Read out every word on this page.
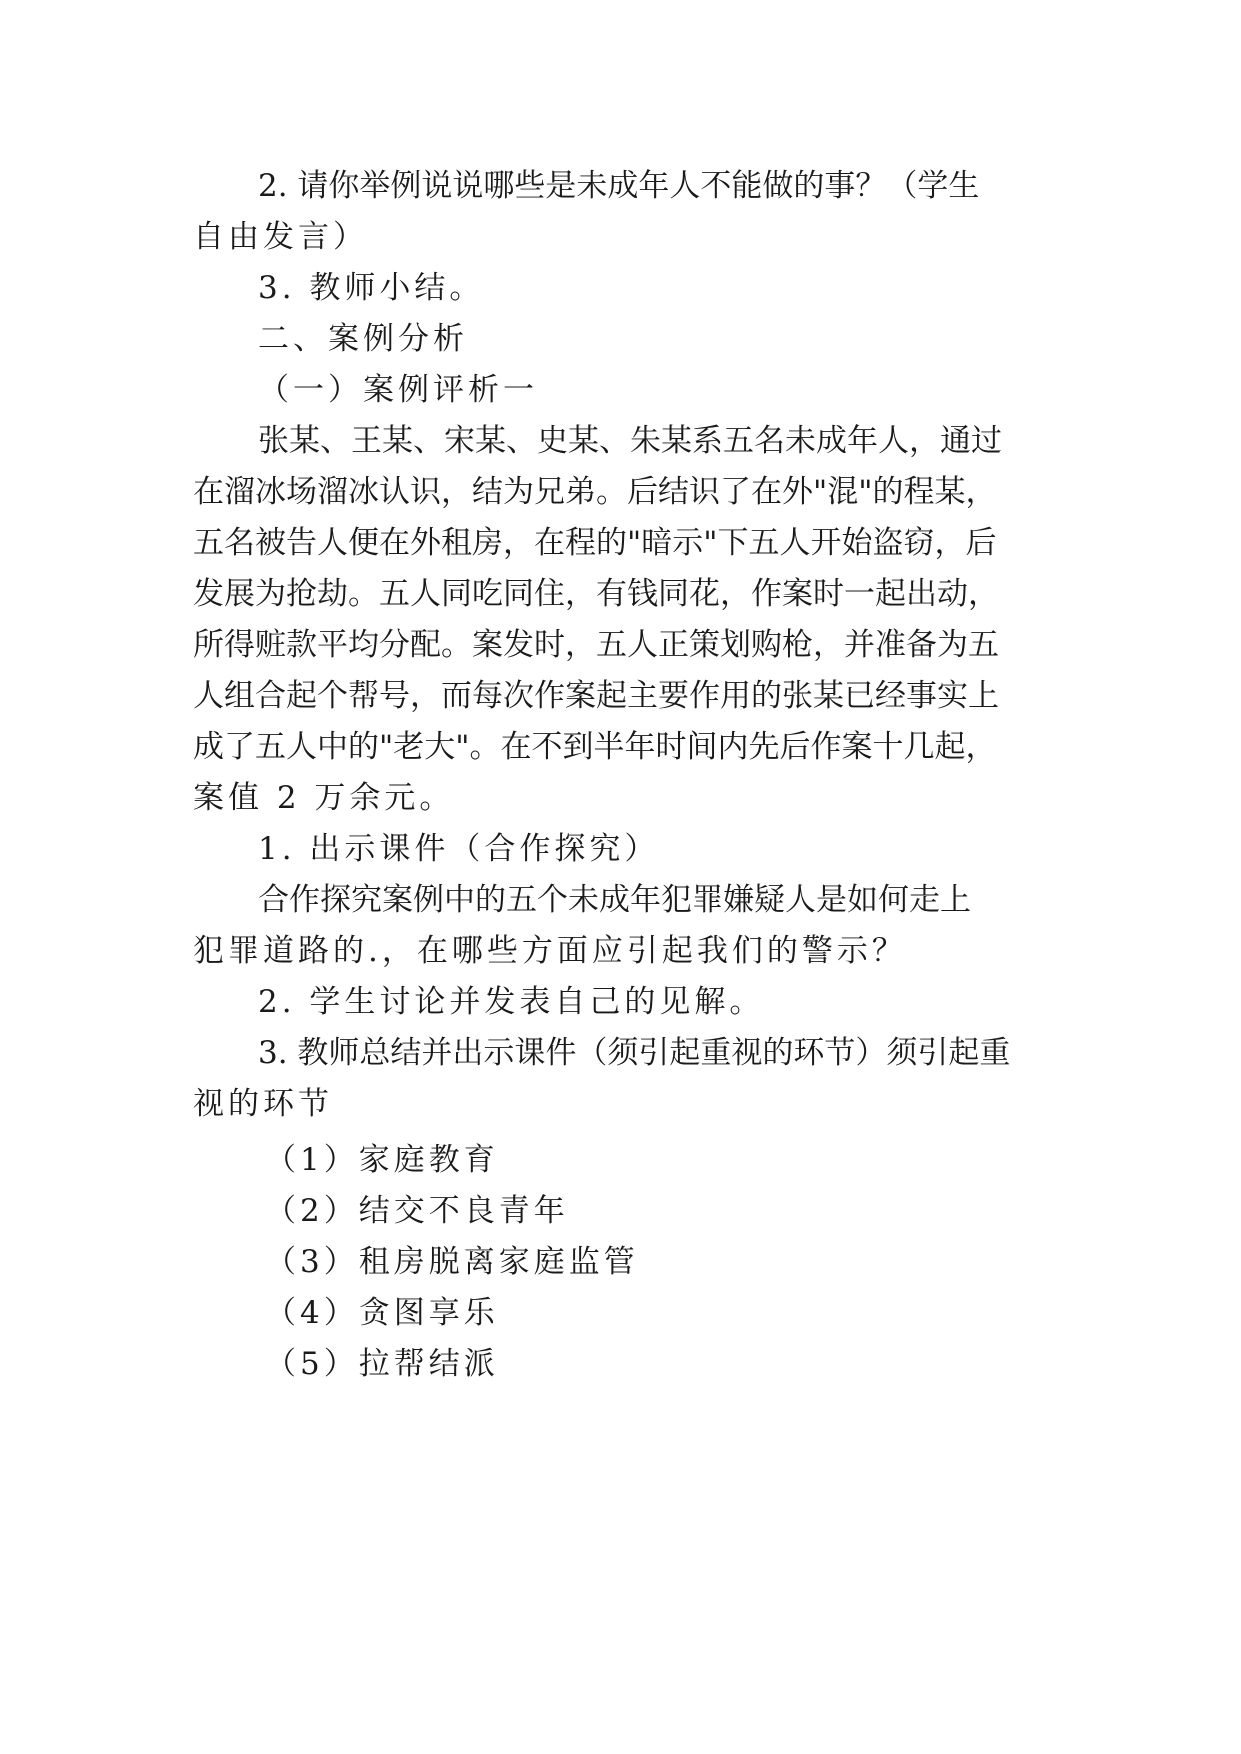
2. 请你举例说说哪些是未成年人不能做的事？（学生
自由发言）
3. 教师小结。
二、案例分析
（一）案例评析一
张某、王某、宋某、史某、朱某系五名未成年人，通过
在溜冰场溜冰认识，结为兄弟。后结识了在外"混"的程某，
五名被告人便在外租房，在程的"暗示"下五人开始盗窃，后
发展为抢劫。五人同吃同住，有钱同花，作案时一起出动，
所得赃款平均分配。案发时，五人正策划购枪，并准备为五
人组合起个帮号，而每次作案起主要作用的张某已经事实上
成了五人中的"老大"。在不到半年时间内先后作案十几起，
案值 2 万余元。
1. 出示课件（合作探究）
合作探究案例中的五个未成年犯罪嫌疑人是如何走上
犯罪道路的.，在哪些方面应引起我们的警示？
2. 学生讨论并发表自己的见解。
3. 教师总结并出示课件（须引起重视的环节）须引起重
视的环节
（1）家庭教育
（2）结交不良青年
（3）租房脱离家庭监管
（4）贪图享乐
（5）拉帮结派
